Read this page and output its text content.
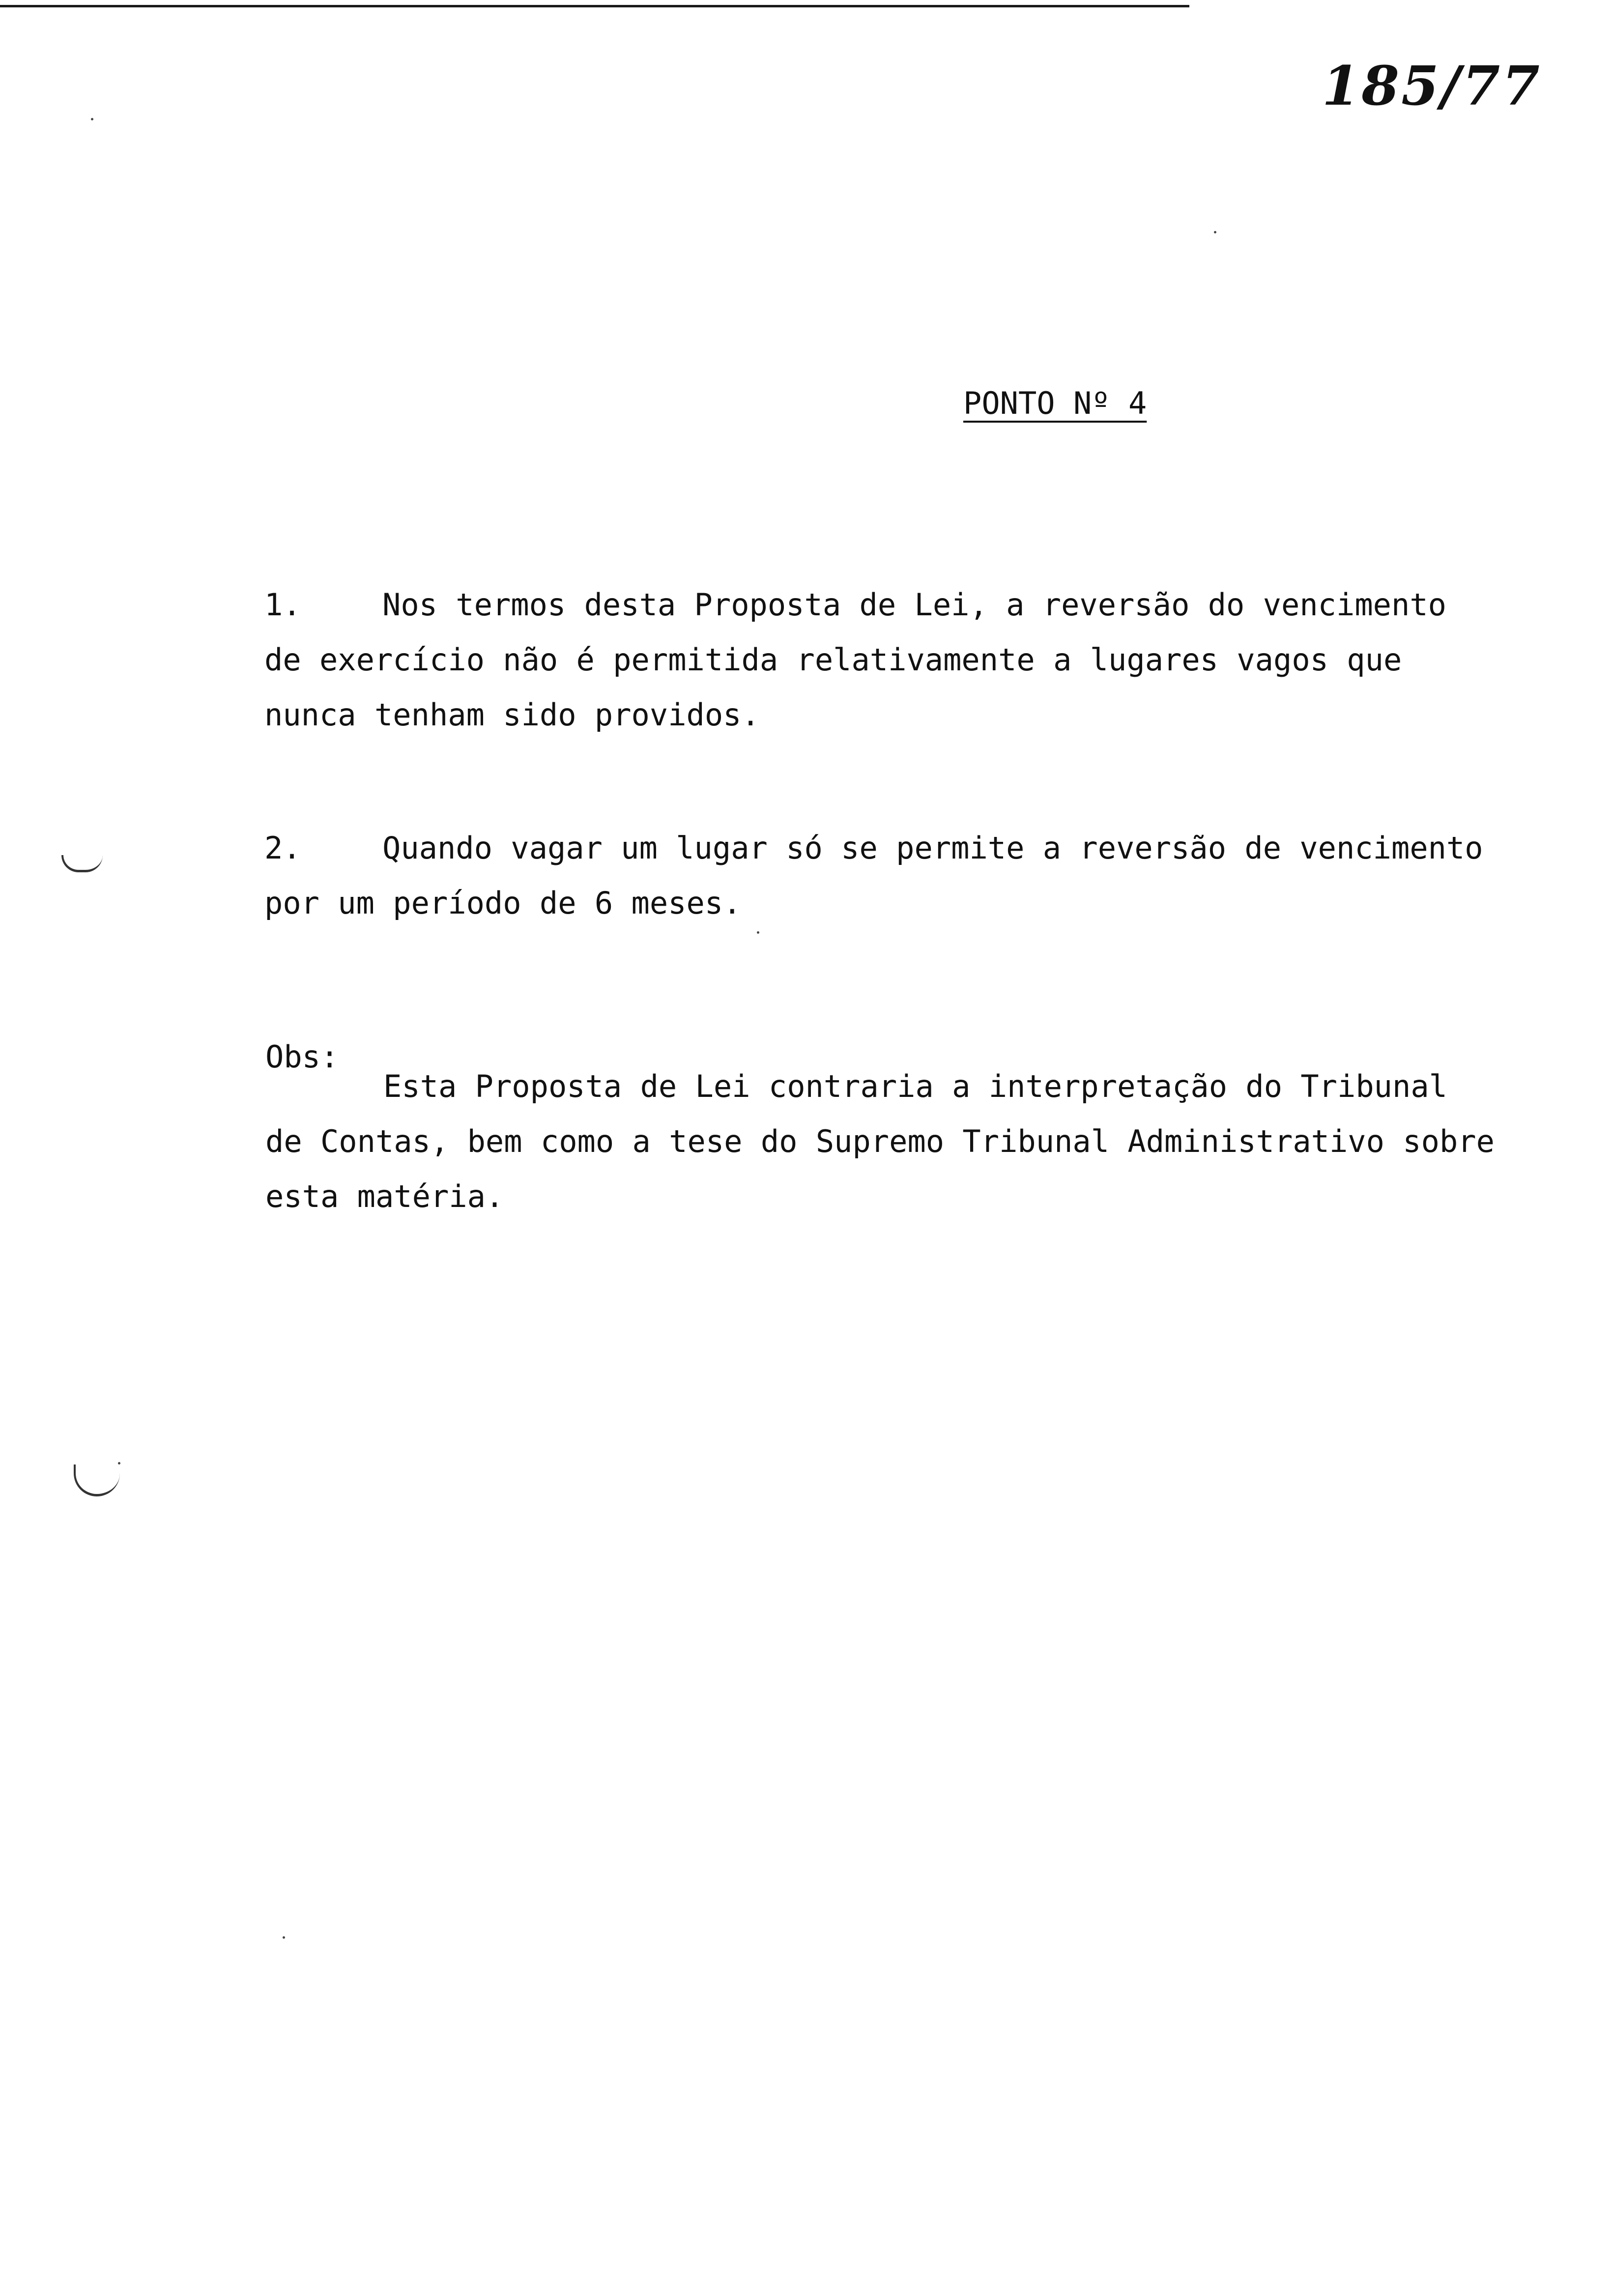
185/77
PONTO Nº 4
1.	Nos termos desta Proposta de Lei, a reversão do vencimento
de exercício não é permitida relativamente a lugares vagos que
nunca tenham sido providos.
2.	Quando vagar um lugar só se permite a reversão de vencimento
por um período de 6 meses.
Obs:
Esta Proposta de Lei contraria a interpretação do Tribunal
de Contas, bem como a tese do Supremo Tribunal Administrativo sobre
esta matéria.
